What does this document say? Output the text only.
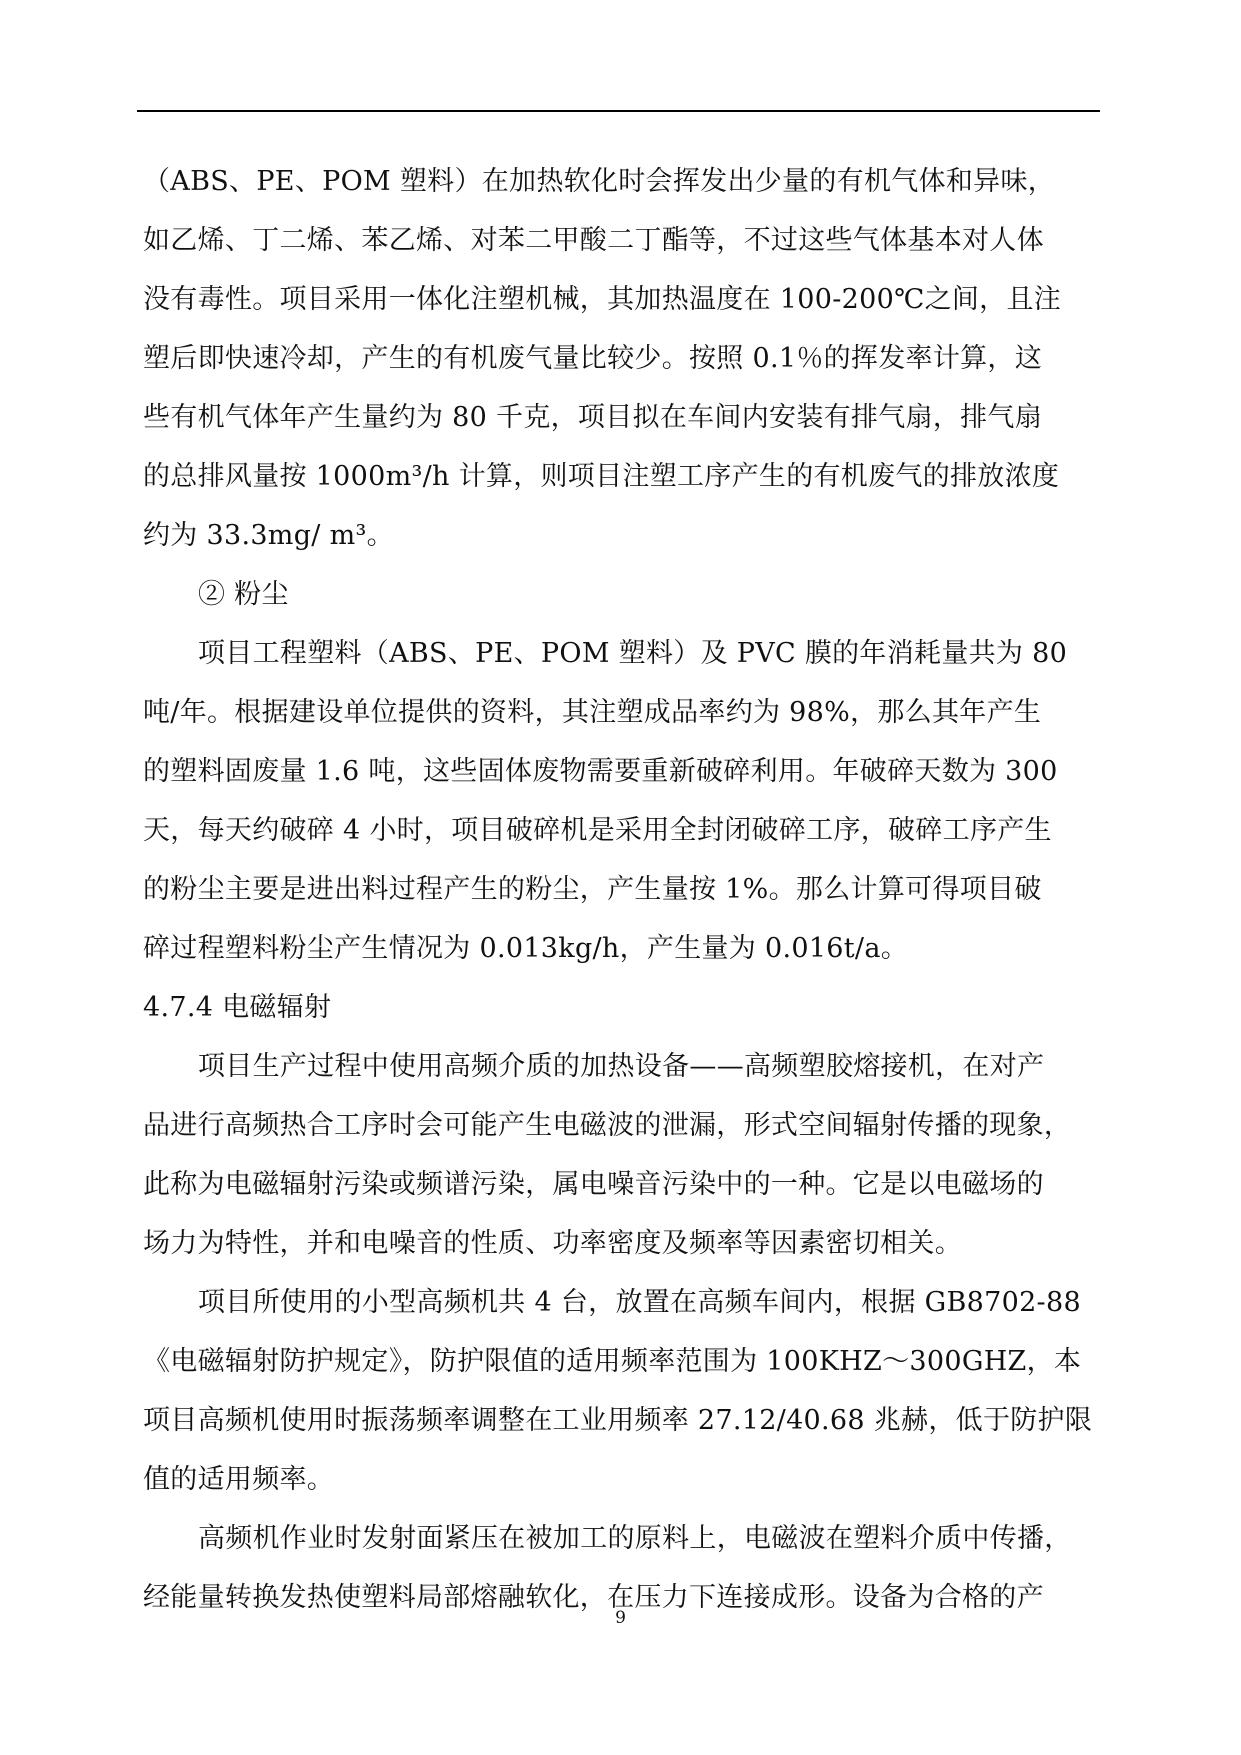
（ABS、PE、POM 塑料）在加热软化时会挥发出少量的有机气体和异味，
如乙烯、丁二烯、苯乙烯、对苯二甲酸二丁酯等，不过这些气体基本对人体
没有毒性。项目采用一体化注塑机械，其加热温度在 100-200℃之间，且注
塑后即快速冷却，产生的有机废气量比较少。按照 0.1％的挥发率计算，这
些有机气体年产生量约为 80 千克，项目拟在车间内安装有排气扇，排气扇
的总排风量按 1000m³/h 计算，则项目注塑工序产生的有机废气的排放浓度
约为 33.3mg/ m³。
② 粉尘
项目工程塑料（ABS、PE、POM 塑料）及 PVC 膜的年消耗量共为 80
吨/年。根据建设单位提供的资料，其注塑成品率约为 98%，那么其年产生
的塑料固废量 1.6 吨，这些固体废物需要重新破碎利用。年破碎天数为 300
天，每天约破碎 4 小时，项目破碎机是采用全封闭破碎工序，破碎工序产生
的粉尘主要是进出料过程产生的粉尘，产生量按 1%。那么计算可得项目破
碎过程塑料粉尘产生情况为 0.013kg/h，产生量为 0.016t/a。
4.7.4 电磁辐射
项目生产过程中使用高频介质的加热设备——高频塑胶熔接机，在对产
品进行高频热合工序时会可能产生电磁波的泄漏，形式空间辐射传播的现象，
此称为电磁辐射污染或频谱污染，属电噪音污染中的一种。它是以电磁场的
场力为特性，并和电噪音的性质、功率密度及频率等因素密切相关。
项目所使用的小型高频机共 4 台，放置在高频车间内，根据 GB8702-88
《电磁辐射防护规定》，防护限值的适用频率范围为 100KHZ～300GHZ，本
项目高频机使用时振荡频率调整在工业用频率 27.12/40.68 兆赫，低于防护限
值的适用频率。
高频机作业时发射面紧压在被加工的原料上，电磁波在塑料介质中传播，
经能量转换发热使塑料局部熔融软化，在压力下连接成形。设备为合格的产
9
